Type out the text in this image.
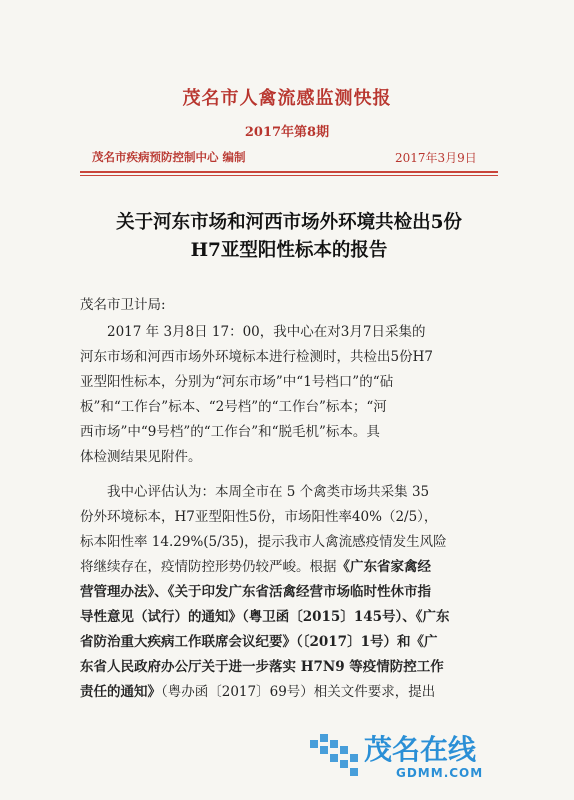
茂名市人禽流感监测快报
2017年第8期
茂名市疾病预防控制中心 编制	2017年3月9日
关于河东市场和河西市场外环境共检出5份
H7亚型阳性标本的报告
茂名市卫计局:
　　2017 年 3月8日 17：00，我中心在对3月7日采集的
河东市场和河西市场外环境标本进行检测时，共检出5份H7
亚型阳性标本，分别为“河东市场”中“1号档口”的“砧
板”和“工作台”标本、“2号档”的“工作台”标本；“河
西市场”中“9号档”的“工作台”和“脱毛机”标本。具
体检测结果见附件。
　　我中心评估认为：本周全市在 5 个禽类市场共采集 35
份外环境标本，H7亚型阳性5份，市场阳性率40%（2/5），
标本阳性率 14.29%(5/35)，提示我市人禽流感疫情发生风险
将继续存在，疫情防控形势仍较严峻。根据《广东省家禽经
营管理办法》、《关于印发广东省活禽经营市场临时性休市指
导性意见（试行）的通知》（粤卫函〔2015〕145号）、《广东
省防治重大疾病工作联席会议纪要》（〔2017〕1号）和《广
东省人民政府办公厅关于进一步落实 H7N9 等疫情防控工作
责任的通知》（粤办函〔2017〕69号）相关文件要求，提出
茂名在线
GDMM.COM
